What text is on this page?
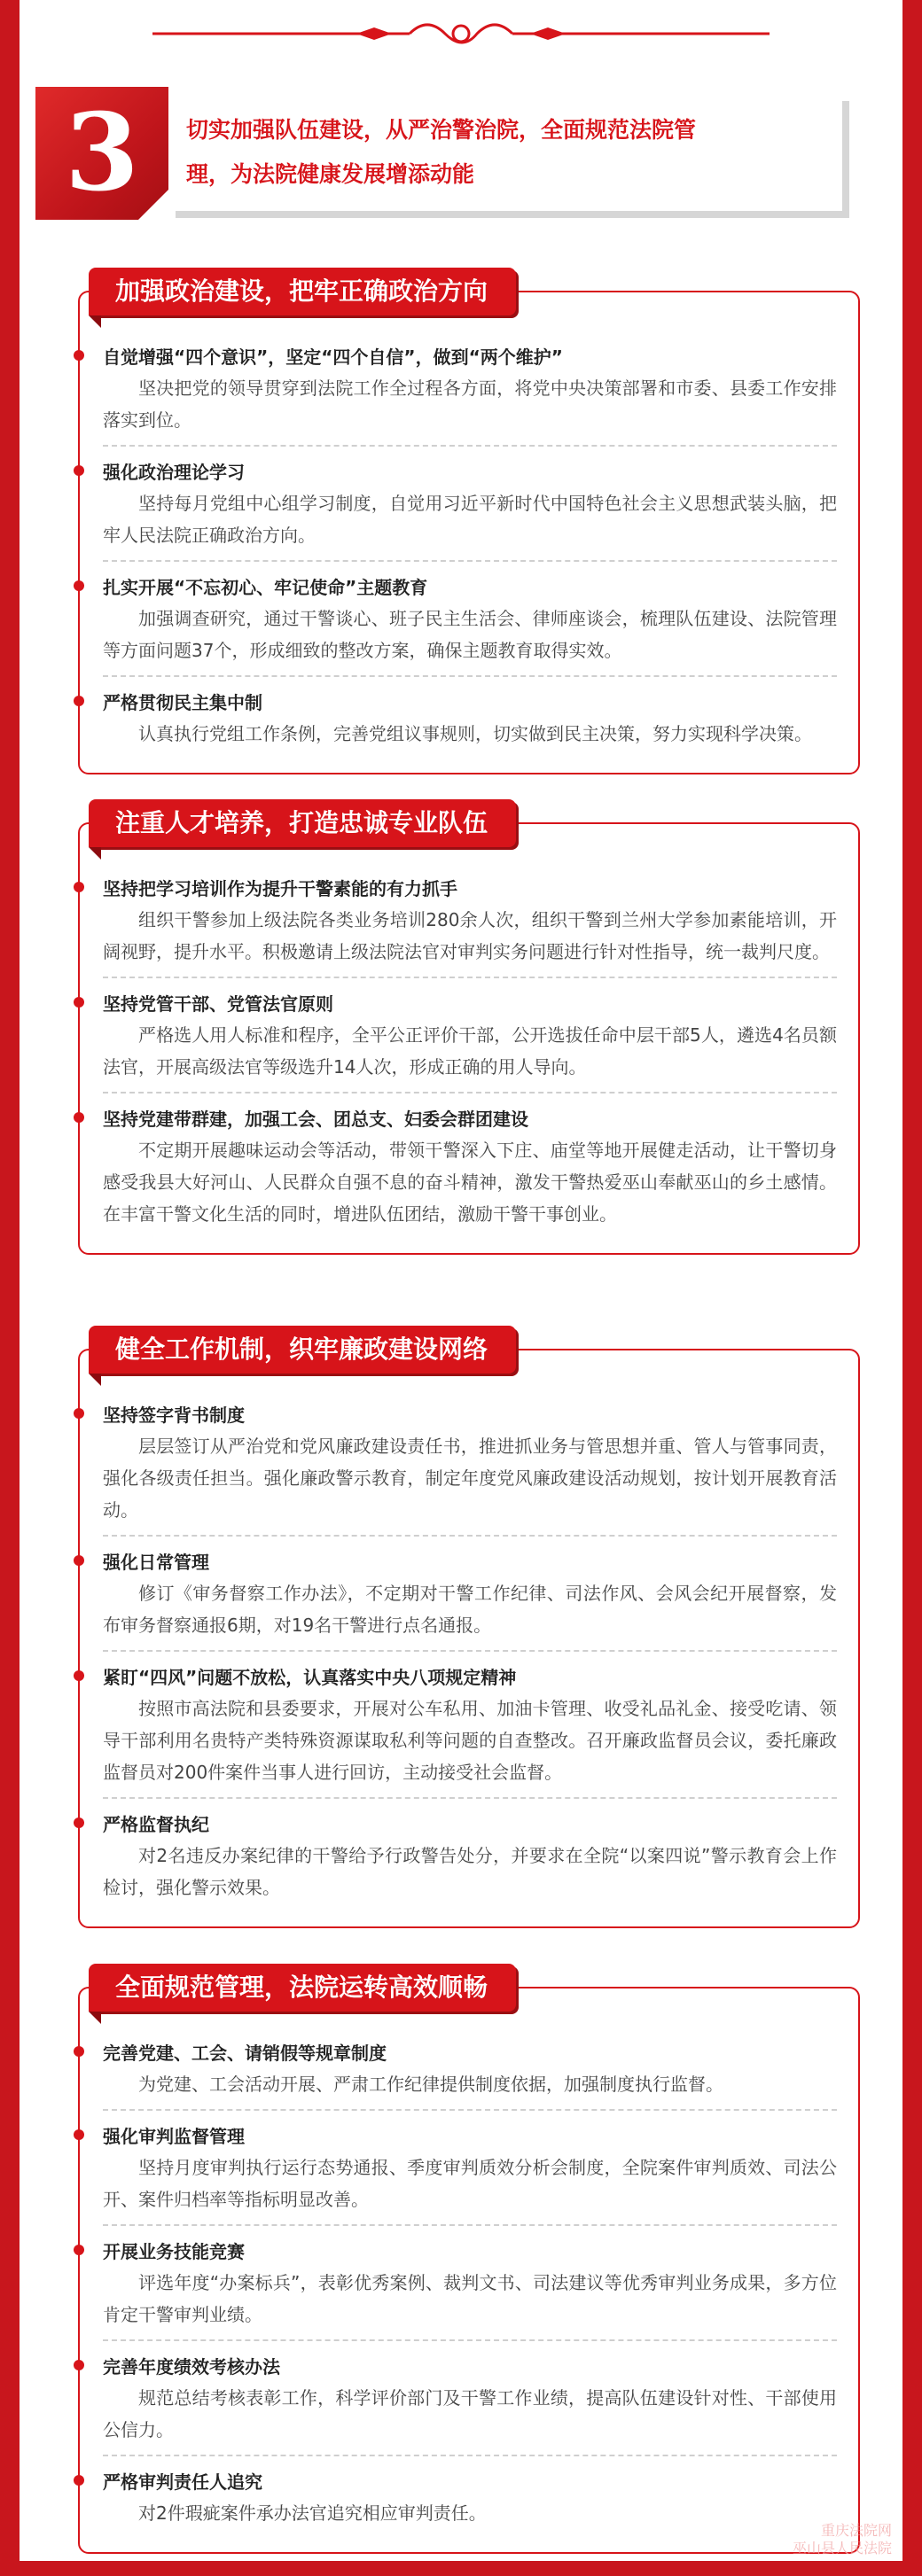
切实加强队伍建设，从严治警治院，全面规范法院管
理，为法院健康发展增添动能
3
加强政治建设，把牢正确政治方向
自觉增强“四个意识”，坚定“四个自信”，做到“两个维护”
坚决把党的领导贯穿到法院工作全过程各方面，将党中央决策部署和市委、县委工作安排落实到位。
强化政治理论学习
坚持每月党组中心组学习制度，自觉用习近平新时代中国特色社会主义思想武装头脑，把牢人民法院正确政治方向。
扎实开展“不忘初心、牢记使命”主题教育
加强调查研究，通过干警谈心、班子民主生活会、律师座谈会，梳理队伍建设、法院管理等方面问题37个，形成细致的整改方案，确保主题教育取得实效。
严格贯彻民主集中制
认真执行党组工作条例，完善党组议事规则，切实做到民主决策，努力实现科学决策。
注重人才培养，打造忠诚专业队伍
坚持把学习培训作为提升干警素能的有力抓手
组织干警参加上级法院各类业务培训280余人次，组织干警到兰州大学参加素能培训，开阔视野，提升水平。积极邀请上级法院法官对审判实务问题进行针对性指导，统一裁判尺度。
坚持党管干部、党管法官原则
严格选人用人标准和程序，全平公正评价干部，公开选拔任命中层干部5人，遴选4名员额法官，开展高级法官等级选升14人次，形成正确的用人导向。
坚持党建带群建，加强工会、团总支、妇委会群团建设
不定期开展趣味运动会等活动，带领干警深入下庄、庙堂等地开展健走活动，让干警切身感受我县大好河山、人民群众自强不息的奋斗精神，激发干警热爱巫山奉献巫山的乡土感情。在丰富干警文化生活的同时，增进队伍团结，激励干警干事创业。
健全工作机制，织牢廉政建设网络
坚持签字背书制度
层层签订从严治党和党风廉政建设责任书，推进抓业务与管思想并重、管人与管事同责，强化各级责任担当。强化廉政警示教育，制定年度党风廉政建设活动规划，按计划开展教育活动。
强化日常管理
修订《审务督察工作办法》，不定期对干警工作纪律、司法作风、会风会纪开展督察，发布审务督察通报6期，对19名干警进行点名通报。
紧盯“四风”问题不放松，认真落实中央八项规定精神
按照市高法院和县委要求，开展对公车私用、加油卡管理、收受礼品礼金、接受吃请、领导干部利用名贵特产类特殊资源谋取私利等问题的自查整改。召开廉政监督员会议，委托廉政监督员对200件案件当事人进行回访，主动接受社会监督。
严格监督执纪
对2名违反办案纪律的干警给予行政警告处分，并要求在全院“以案四说”警示教育会上作检讨，强化警示效果。
全面规范管理，法院运转高效顺畅
完善党建、工会、请销假等规章制度
为党建、工会活动开展、严肃工作纪律提供制度依据，加强制度执行监督。
强化审判监督管理
坚持月度审判执行运行态势通报、季度审判质效分析会制度，全院案件审判质效、司法公开、案件归档率等指标明显改善。
开展业务技能竞赛
评选年度“办案标兵”，表彰优秀案例、裁判文书、司法建议等优秀审判业务成果，多方位肯定干警审判业绩。
完善年度绩效考核办法
规范总结考核表彰工作，科学评价部门及干警工作业绩，提高队伍建设针对性、干部使用公信力。
严格审判责任人追究
对2件瑕疵案件承办法官追究相应审判责任。
重庆法院网
巫山县人民法院
